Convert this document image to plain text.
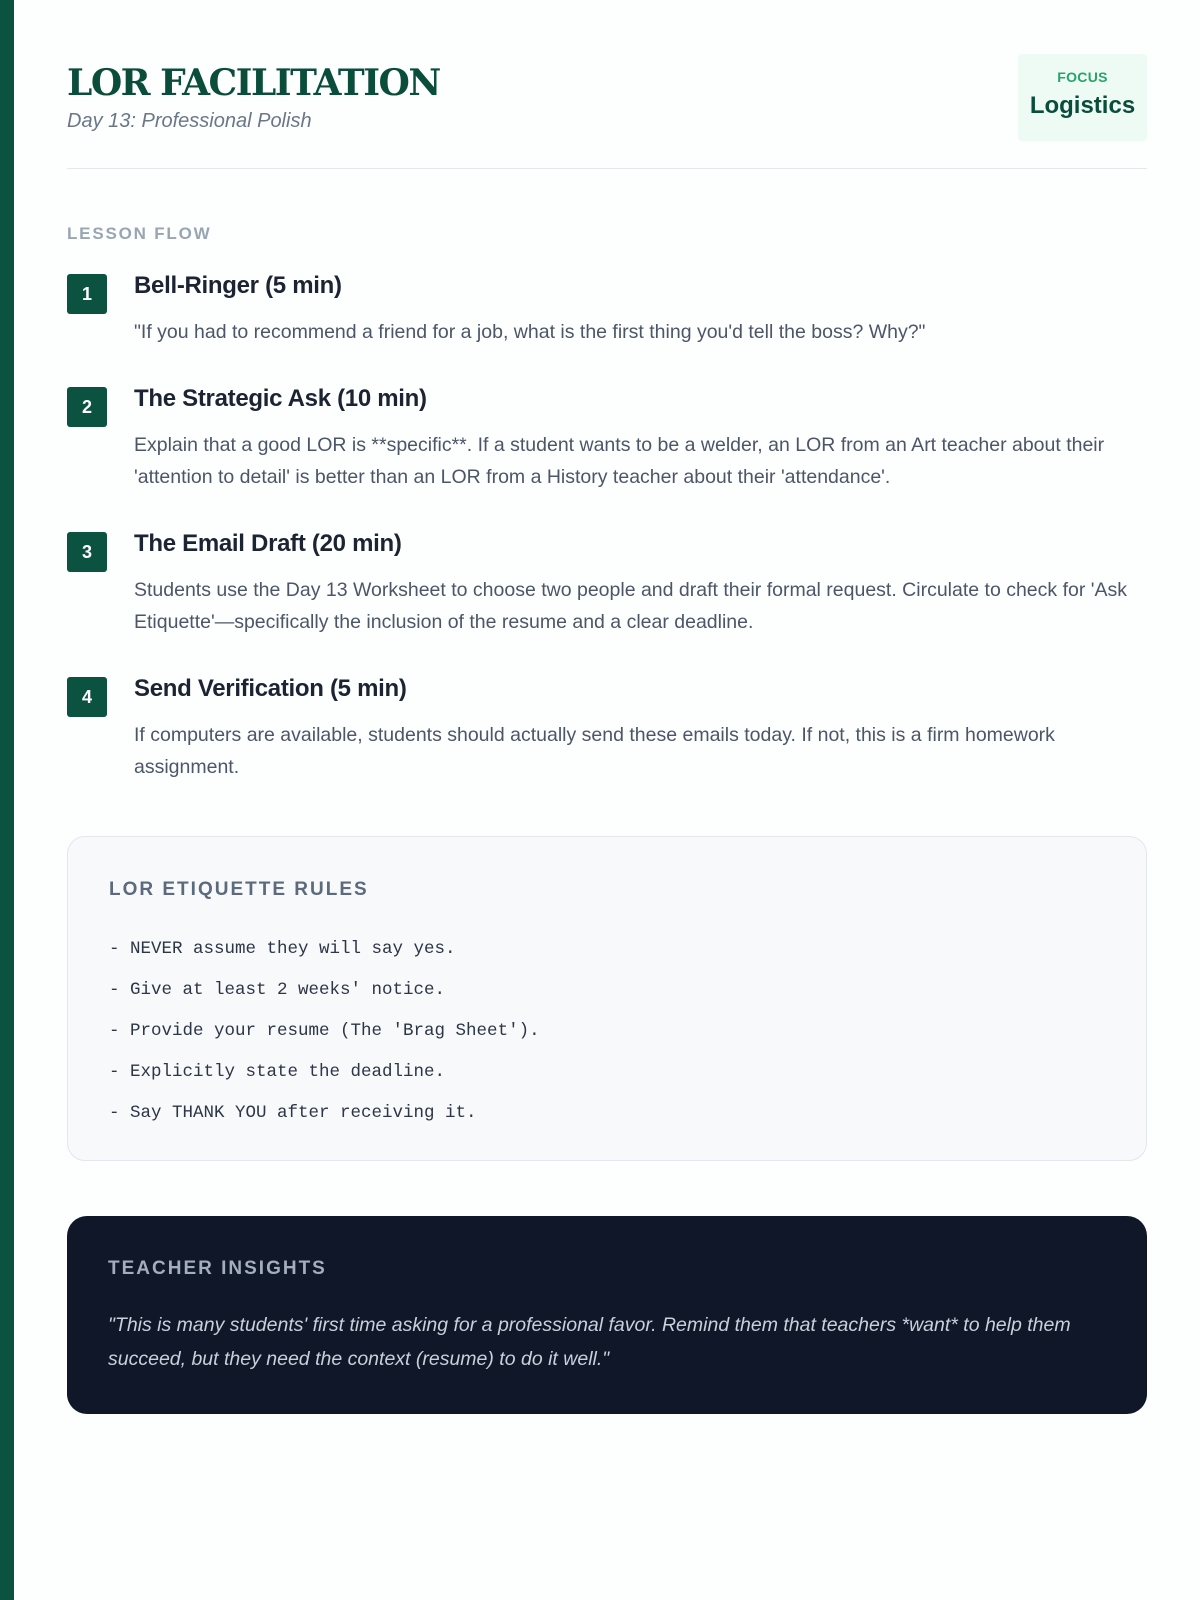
LOR FACILITATION

Day 13: Professional Polish

FOCUS
Logistics
LESSON FLOW
1	Bell-Ringer (5 min)

"If you had to recommend a friend for a job, what is the first thing you'd tell the boss? Why?"

2	The Strategic Ask (10 min)

Explain that a good LOR is **specific**. If a student wants to be a welder, an LOR from an Art teacher about their 'attention to detail' is better than an LOR from a History teacher about their 'attendance'.

3	The Email Draft (20 min)

Students use the Day 13 Worksheet to choose two people and draft their formal request. Circulate to check for 'Ask Etiquette'—specifically the inclusion of the resume and a clear deadline.

4	Send Verification (5 min)

If computers are available, students should actually send these emails today. If not, this is a firm homework assignment.

LOR ETIQUETTE RULES
- NEVER assume they will say yes.
- Give at least 2 weeks' notice.
- Provide your resume (The 'Brag Sheet').
- Explicitly state the deadline.
- Say THANK YOU after receiving it.
TEACHER INSIGHTS

"This is many students' first time asking for a professional favor. Remind them that teachers *want* to help them succeed, but they need the context (resume) to do it well."
